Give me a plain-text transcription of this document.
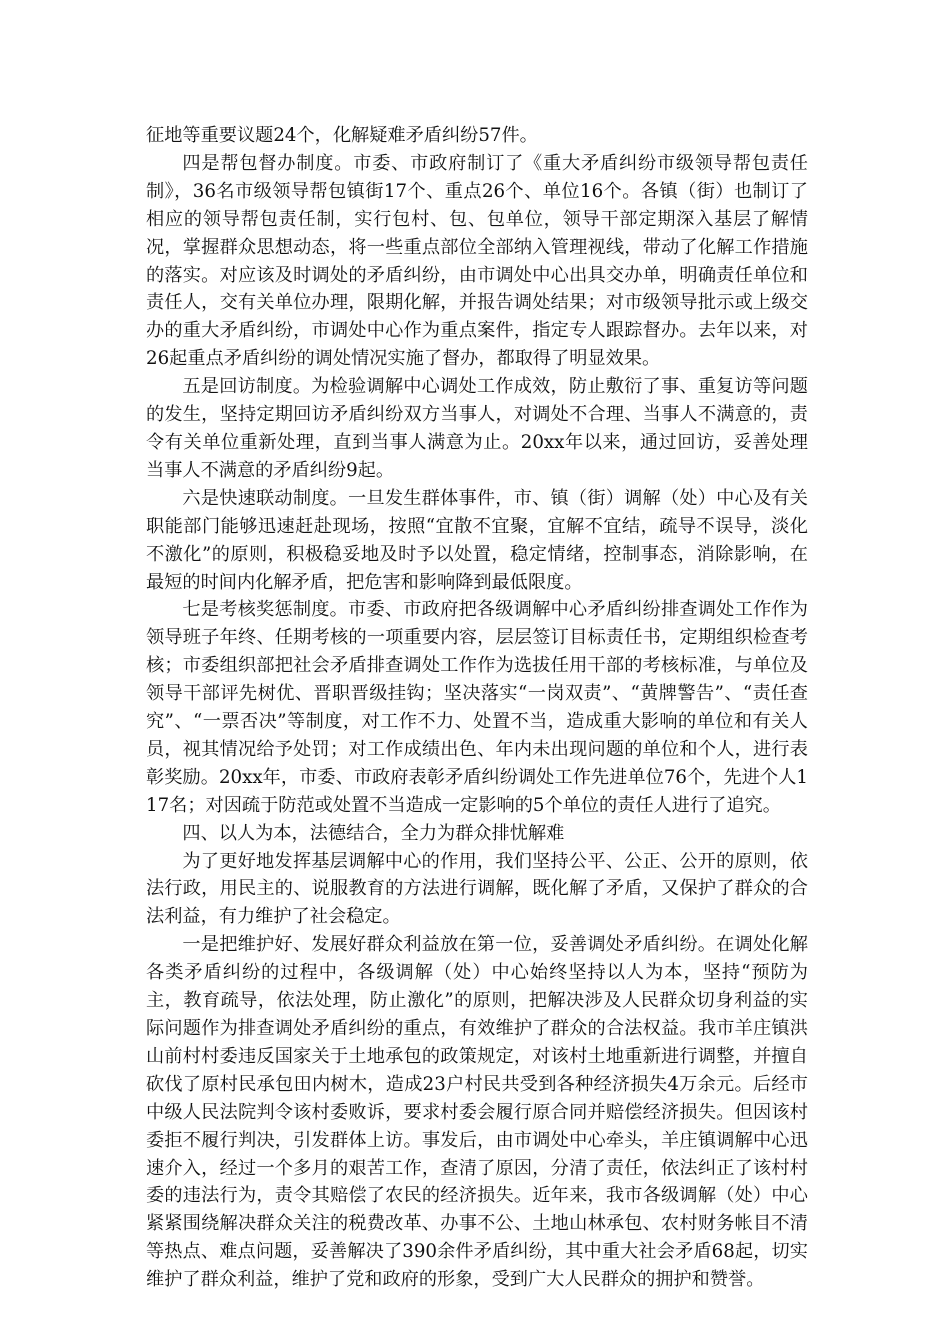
征地等重要议题24个，化解疑难矛盾纠纷57件。

四是帮包督办制度。市委、市政府制订了《重大矛盾纠纷市级领导帮包责任制》，36名市级领导帮包镇街17个、重点26个、单位16个。各镇（街）也制订了相应的领导帮包责任制，实行包村、包、包单位，领导干部定期深入基层了解情况，掌握群众思想动态，将一些重点部位全部纳入管理视线，带动了化解工作措施的落实。对应该及时调处的矛盾纠纷，由市调处中心出具交办单，明确责任单位和责任人，交有关单位办理，限期化解，并报告调处结果；对市级领导批示或上级交办的重大矛盾纠纷，市调处中心作为重点案件，指定专人跟踪督办。去年以来，对26起重点矛盾纠纷的调处情况实施了督办，都取得了明显效果。

五是回访制度。为检验调解中心调处工作成效，防止敷衍了事、重复访等问题的发生，坚持定期回访矛盾纠纷双方当事人，对调处不合理、当事人不满意的，责令有关单位重新处理，直到当事人满意为止。20xx年以来，通过回访，妥善处理当事人不满意的矛盾纠纷9起。

六是快速联动制度。一旦发生群体事件，市、镇（街）调解（处）中心及有关职能部门能够迅速赶赴现场，按照“宜散不宜聚，宜解不宜结，疏导不误导，淡化不激化”的原则，积极稳妥地及时予以处置，稳定情绪，控制事态，消除影响，在最短的时间内化解矛盾，把危害和影响降到最低限度。

七是考核奖惩制度。市委、市政府把各级调解中心矛盾纠纷排查调处工作作为领导班子年终、任期考核的一项重要内容，层层签订目标责任书，定期组织检查考核；市委组织部把社会矛盾排查调处工作作为选拔任用干部的考核标准，与单位及领导干部评先树优、晋职晋级挂钩；坚决落实“一岗双责”、“黄牌警告”、“责任查究”、“一票否决”等制度，对工作不力、处置不当，造成重大影响的单位和有关人员，视其情况给予处罚；对工作成绩出色、年内未出现问题的单位和个人，进行表彰奖励。20xx年，市委、市政府表彰矛盾纠纷调处工作先进单位76个，先进个人117名；对因疏于防范或处置不当造成一定影响的5个单位的责任人进行了追究。

四、以人为本，法德结合，全力为群众排忧解难

为了更好地发挥基层调解中心的作用，我们坚持公平、公正、公开的原则，依法行政，用民主的、说服教育的方法进行调解，既化解了矛盾，又保护了群众的合法利益，有力维护了社会稳定。

一是把维护好、发展好群众利益放在第一位，妥善调处矛盾纠纷。在调处化解各类矛盾纠纷的过程中，各级调解（处）中心始终坚持以人为本，坚持“预防为主，教育疏导，依法处理，防止激化”的原则，把解决涉及人民群众切身利益的实际问题作为排查调处矛盾纠纷的重点，有效维护了群众的合法权益。我市羊庄镇洪山前村村委违反国家关于土地承包的政策规定，对该村土地重新进行调整，并擅自砍伐了原村民承包田内树木，造成23户村民共受到各种经济损失4万余元。后经市中级人民法院判令该村委败诉，要求村委会履行原合同并赔偿经济损失。但因该村委拒不履行判决，引发群体上访。事发后，由市调处中心牵头，羊庄镇调解中心迅速介入，经过一个多月的艰苦工作，查清了原因，分清了责任，依法纠正了该村村委的违法行为，责令其赔偿了农民的经济损失。近年来，我市各级调解（处）中心紧紧围绕解决群众关注的税费改革、办事不公、土地山林承包、农村财务帐目不清等热点、难点问题，妥善解决了390余件矛盾纠纷，其中重大社会矛盾68起，切实维护了群众利益，维护了党和政府的形象，受到广大人民群众的拥护和赞誉。
